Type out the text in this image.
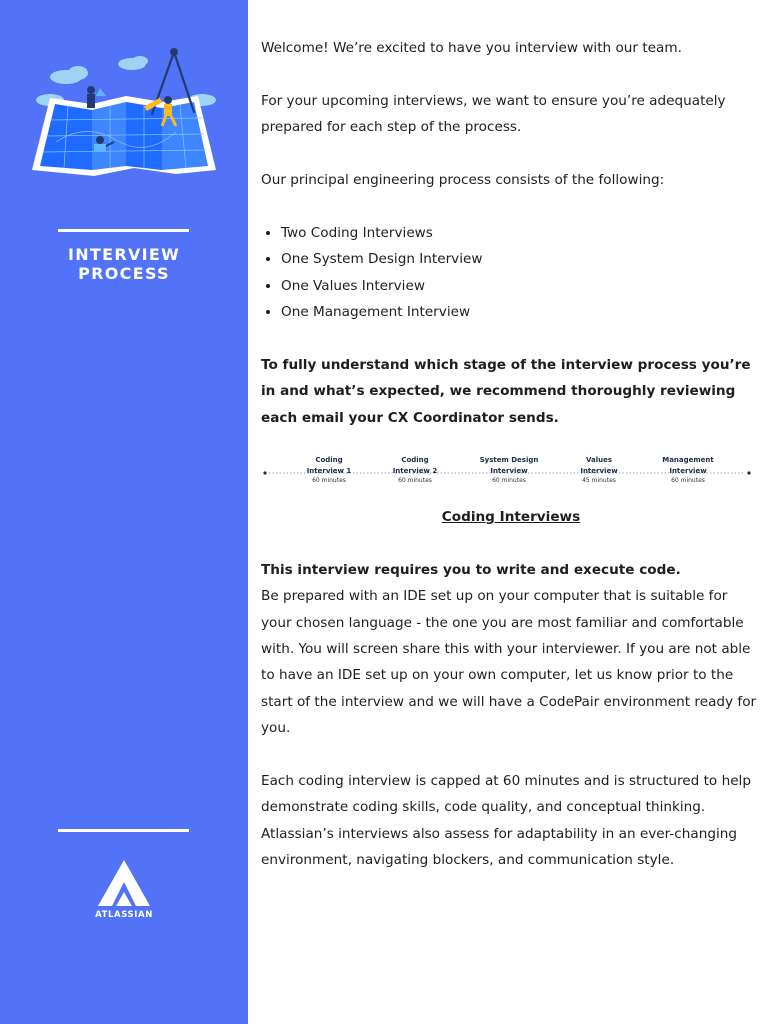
INTERVIEW
PROCESS
ATLASSIAN

Welcome! We’re excited to have you interview with our team.

For your upcoming interviews, we want to ensure you’re adequately prepared for each step of the process.

Our principal engineering process consists of the following:

• Two Coding Interviews
• One System Design Interview
• One Values Interview
• One Management Interview

To fully understand which stage of the interview process you’re in and what’s expected, we recommend thoroughly reviewing each email your CX Coordinator sends.

Coding
Interview 1
60 minutes
Coding
Interview 2
60 minutes
System Design
Interview
60 minutes
Values
Interview
45 minutes
Management
Interview
60 minutes
Coding Interviews

This interview requires you to write and execute code.

Be prepared with an IDE set up on your computer that is suitable for your chosen language - the one you are most familiar and comfortable with. You will screen share this with your interviewer. If you are not able to have an IDE set up on your own computer, let us know prior to the start of the interview and we will have a CodePair environment ready for you.

Each coding interview is capped at 60 minutes and is structured to help demonstrate coding skills, code quality, and conceptual thinking. Atlassian’s interviews also assess for adaptability in an ever-changing environment, navigating blockers, and communication style.
